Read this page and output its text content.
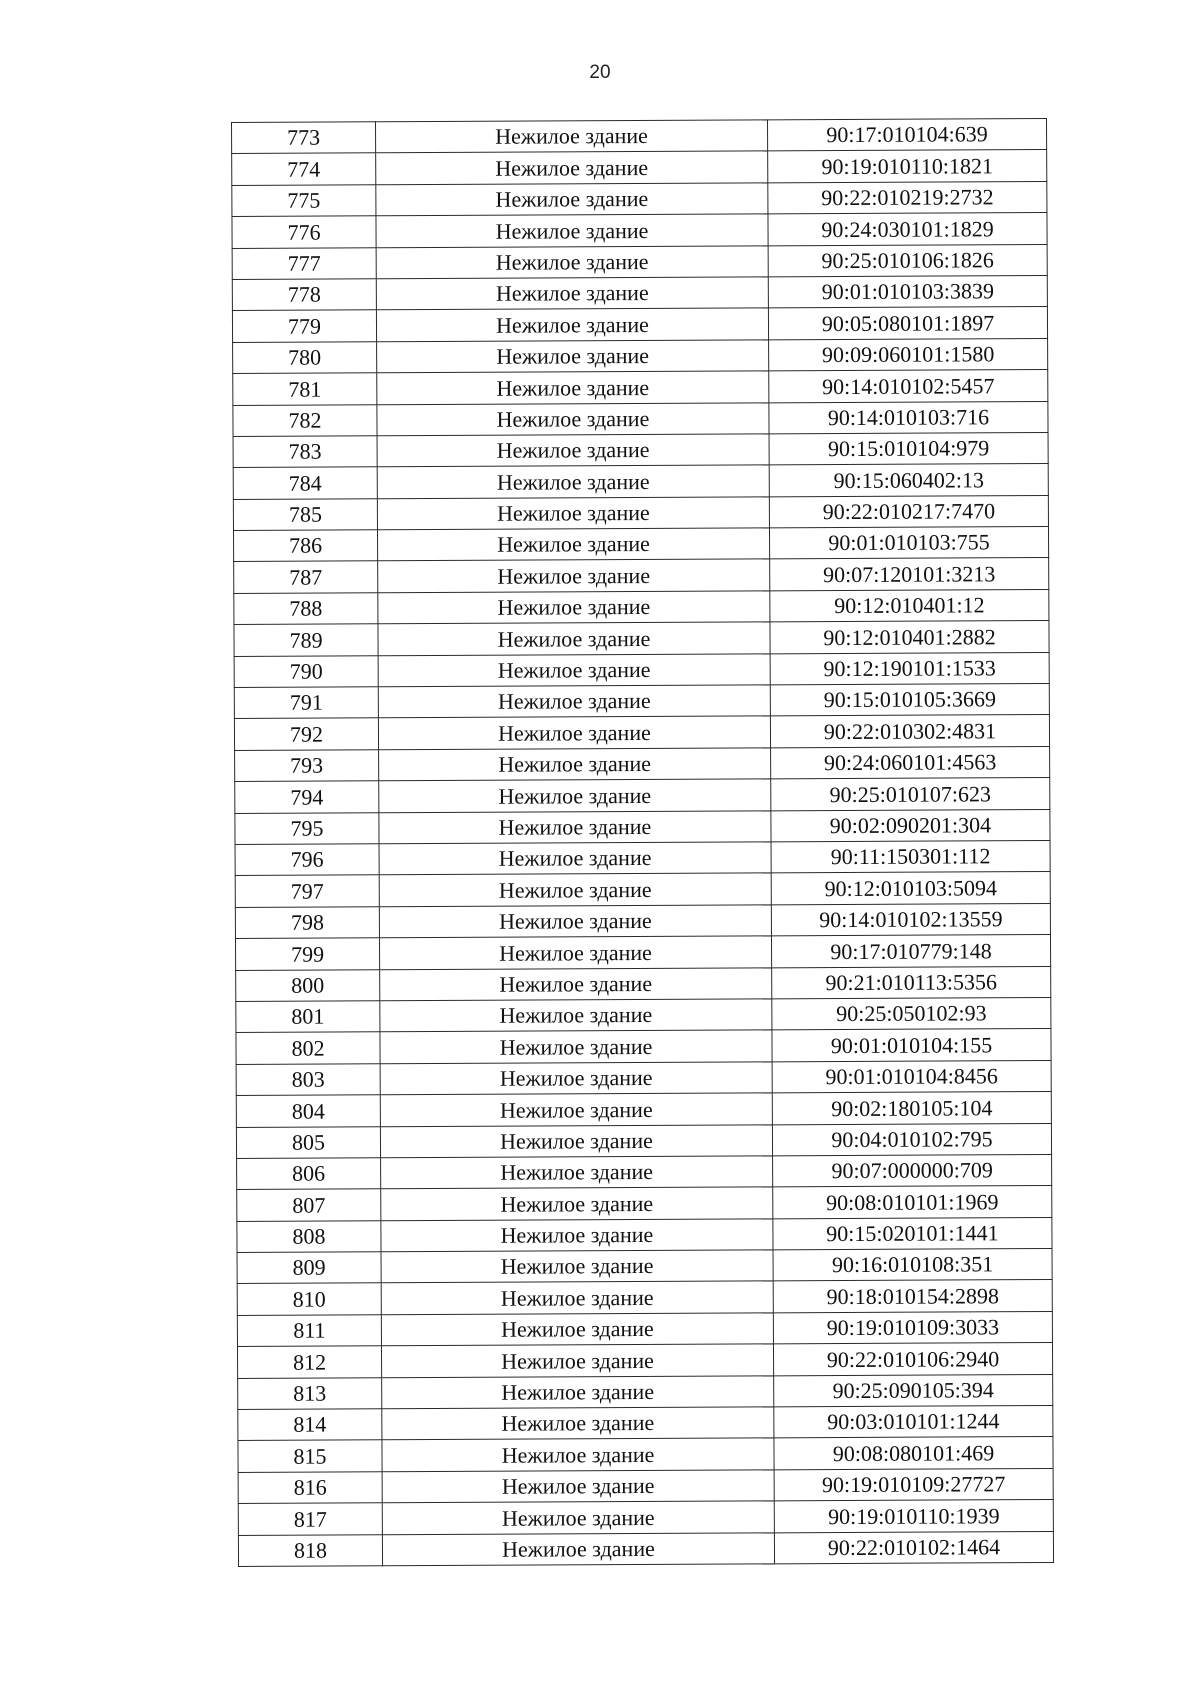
20
773	Нежилое здание	90:17:010104:639
774	Нежилое здание	90:19:010110:1821
775	Нежилое здание	90:22:010219:2732
776	Нежилое здание	90:24:030101:1829
777	Нежилое здание	90:25:010106:1826
778	Нежилое здание	90:01:010103:3839
779	Нежилое здание	90:05:080101:1897
780	Нежилое здание	90:09:060101:1580
781	Нежилое здание	90:14:010102:5457
782	Нежилое здание	90:14:010103:716
783	Нежилое здание	90:15:010104:979
784	Нежилое здание	90:15:060402:13
785	Нежилое здание	90:22:010217:7470
786	Нежилое здание	90:01:010103:755
787	Нежилое здание	90:07:120101:3213
788	Нежилое здание	90:12:010401:12
789	Нежилое здание	90:12:010401:2882
790	Нежилое здание	90:12:190101:1533
791	Нежилое здание	90:15:010105:3669
792	Нежилое здание	90:22:010302:4831
793	Нежилое здание	90:24:060101:4563
794	Нежилое здание	90:25:010107:623
795	Нежилое здание	90:02:090201:304
796	Нежилое здание	90:11:150301:112
797	Нежилое здание	90:12:010103:5094
798	Нежилое здание	90:14:010102:13559
799	Нежилое здание	90:17:010779:148
800	Нежилое здание	90:21:010113:5356
801	Нежилое здание	90:25:050102:93
802	Нежилое здание	90:01:010104:155
803	Нежилое здание	90:01:010104:8456
804	Нежилое здание	90:02:180105:104
805	Нежилое здание	90:04:010102:795
806	Нежилое здание	90:07:000000:709
807	Нежилое здание	90:08:010101:1969
808	Нежилое здание	90:15:020101:1441
809	Нежилое здание	90:16:010108:351
810	Нежилое здание	90:18:010154:2898
811	Нежилое здание	90:19:010109:3033
812	Нежилое здание	90:22:010106:2940
813	Нежилое здание	90:25:090105:394
814	Нежилое здание	90:03:010101:1244
815	Нежилое здание	90:08:080101:469
816	Нежилое здание	90:19:010109:27727
817	Нежилое здание	90:19:010110:1939
818	Нежилое здание	90:22:010102:1464
